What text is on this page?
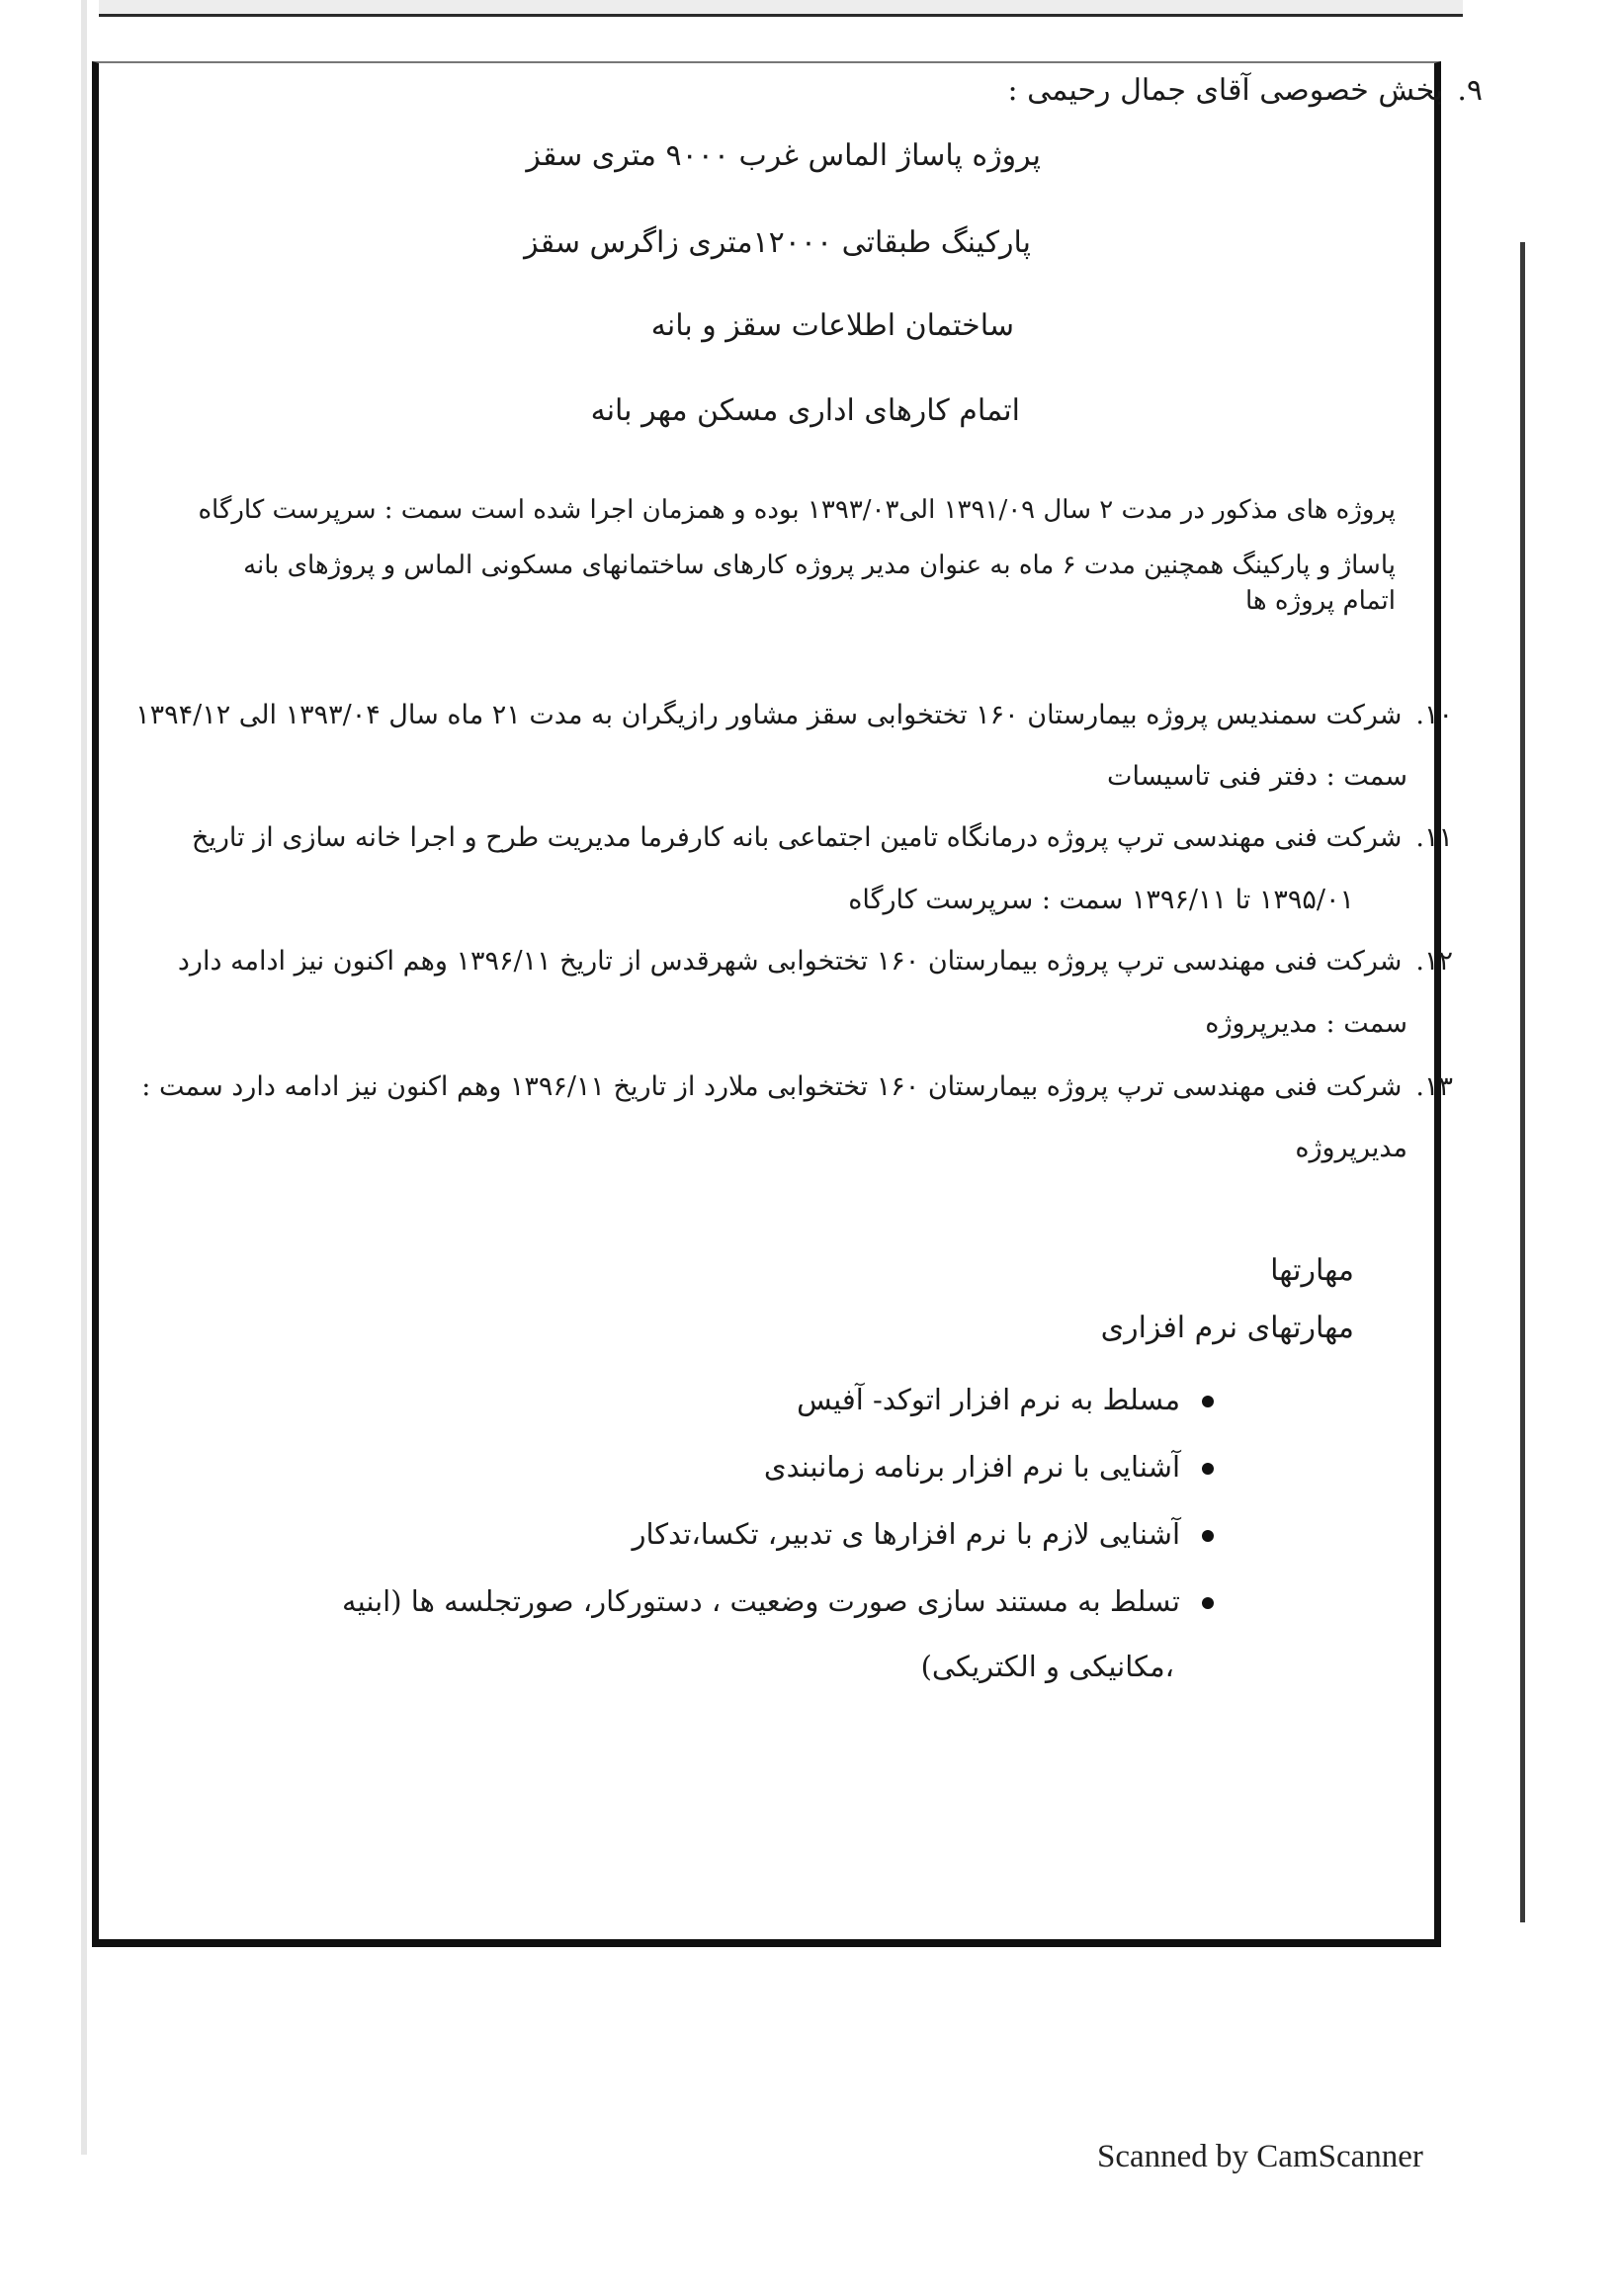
۹.بخش خصوصی آقای جمال رحیمی :
پروژه پاساژ الماس غرب ۹۰۰۰ متری سقز
پارکینگ طبقاتی ۱۲۰۰۰متری زاگرس سقز
ساختمان اطلاعات سقز و بانه
اتمام کارهای اداری مسکن مهر بانه
پروژه های مذکور در مدت ۲ سال ۱۳۹۱/۰۹ الی۱۳۹۳/۰۳ بوده و همزمان اجرا شده است سمت : سرپرست کارگاه
پاساژ و پارکینگ همچنین مدت ۶ ماه به عنوان مدیر پروژه کارهای ساختمانهای مسکونی الماس و پروژهای بانه
اتمام پروژه ها
۱۰.شرکت سمندیس پروژه بیمارستان ۱۶۰ تختخوابی سقز مشاور رازیگران به مدت ۲۱ ماه سال ۱۳۹۳/۰۴ الی ۱۳۹۴/۱۲
سمت : دفتر فنی تاسیسات
۱۱.شرکت فنی مهندسی ترپ پروژه درمانگاه تامین اجتماعی بانه کارفرما مدیریت طرح و اجرا خانه سازی از تاریخ
۱۳۹۵/۰۱ تا ۱۳۹۶/۱۱ سمت : سرپرست کارگاه
۱۲.شرکت فنی مهندسی ترپ پروژه بیمارستان ۱۶۰ تختخوابی شهرقدس از تاریخ ۱۳۹۶/۱۱ وهم اکنون نیز ادامه دارد
سمت : مدیرپروژه
۱۳.شرکت فنی مهندسی ترپ پروژه بیمارستان ۱۶۰ تختخوابی ملارد از تاریخ ۱۳۹۶/۱۱ وهم اکنون نیز ادامه دارد سمت :
مدیرپروژه
مهارتها
مهارتهای نرم افزاری
مسلط به نرم افزار اتوکد- آفیس
آشنایی با نرم افزار برنامه زمانبندی
آشنایی لازم با نرم افزارها ی تدبیر، تکسا،تدکار
تسلط به مستند سازی صورت وضعیت ، دستورکار، صورتجلسه ها (ابنیه
،مکانیکی و الکتریکی)
Scanned by CamScanner
